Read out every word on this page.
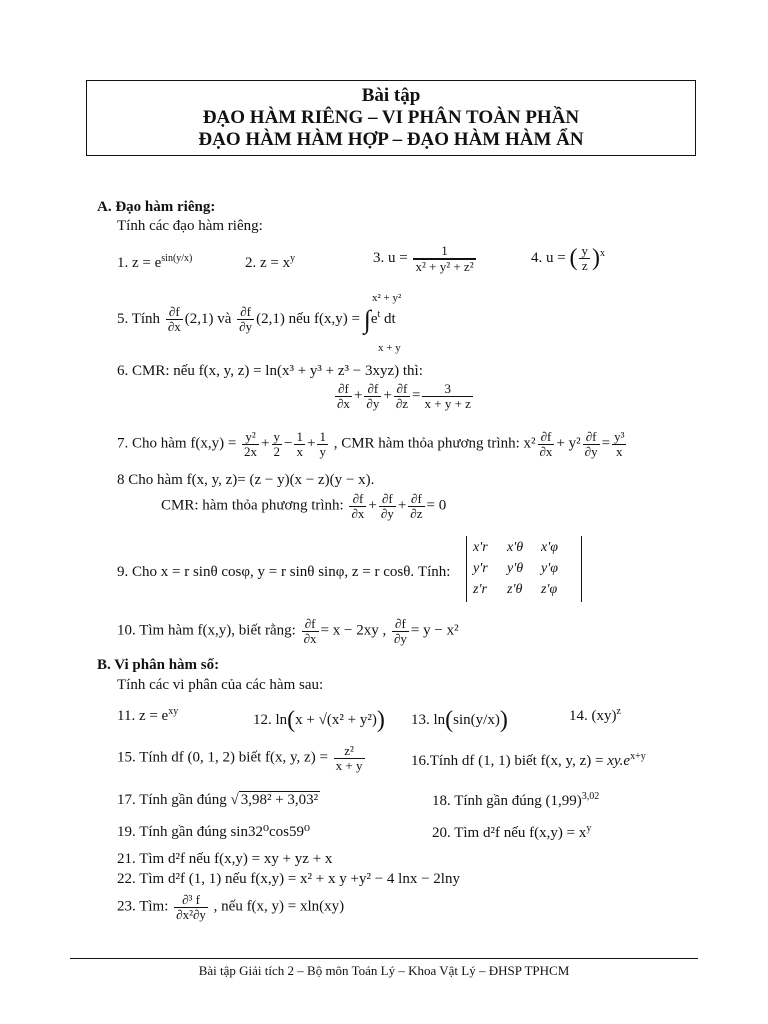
Bài tập
ĐẠO HÀM RIÊNG – VI PHÂN TOÀN PHẦN
ĐẠO HÀM HÀM HỢP – ĐẠO HÀM HÀM ẨN
A. Đạo hàm riêng:
Tính các đạo hàm riêng:
1. $z = e^{sin(y/x)}$	2. $z = x^y$	3. $u = \frac{1}{\text{x² + y² + z²}}$	4. u = ( $\frac{y}{z} )^x$
5. Tính $\frac{\partial f}{\partial x} (2,1)$ và $\frac{\partial f}{\partial y} (2,1)$ nếu $f(x,y) = \int e^t$ dt
x² + y²
x + y
6. CMR: nếu f(x, y, z) = ln(x³ + y³ + z³ − 3xyz) thì:
$\frac{\partial f}{\partial x} + \frac{\partial f}{\partial y} + \frac{\partial f}{\partial z} = \frac{3}{x + y + z}$
7. Cho hàm $f(x,y) = \frac{\text{y²}}{2x} + \frac{y}{2} - \frac{1}{x} + \frac{1}{y}$ , CMR hàm thỏa phương trình: $x^2 \frac{\partial f}{\partial x} + y^2 \frac{\partial f}{\partial y} = \frac{\text{y³}}{x}$
8 Cho hàm f(x, y, z)= (z − y)(x − z)(y − x).
CMR: hàm thỏa phương trình: $\frac{\partial f}{\partial x} + \frac{\partial f}{\partial y} + \frac{\partial f}{\partial z} = 0$
9. Cho x = r sinθ cosφ, y = r sinθ sinφ, z = r cosθ. Tính:
x'r	x'θ	x'φ
y'r	y'θ	y'φ
z'r	z'θ	z'φ
10. Tìm hàm f(x,y), biết rằng: $\frac{\partial f}{\partial x} = x - 2xy$ , $\frac{\partial f}{\partial y} = y - x^2$
B. Vi phân hàm số:
Tính các vi phân của các hàm sau:
11. $z = e^{xy}$
12. ln(x + √(x² + y²)) 13. ln(sin(y/x))	14. (xy)$^z$
15. Tính df (0, 1, 2) biết f(x, y, $z) = \frac{\text{z²}}{x + y}$	16.Tính df (1, 1) biết f(x, y, $z) = xy.e^{x+y}$
17. Tính gần đúng √ 3,98² + 3,03²	18. Tính gần đúng $(1,99)^{3,02}$
19. Tính gần đúng sin32⁰cos59⁰	20. Tìm d²f nếu $f(x,y) = x^y$
21. Tìm d²f nếu f(x,y) = xy + yz + x
22. Tìm d²f (1, 1) nếu f(x,y) = x² + x y +y² − 4 lnx − 2lny
23. Tìm: $\frac{\text{∂³ f}}{\text{∂x²∂y}}$ , nếu f(x, y) = xln(xy)
Bài tập Giải tích 2 – Bộ môn Toán Lý – Khoa Vật Lý – ĐHSP TPHCM
